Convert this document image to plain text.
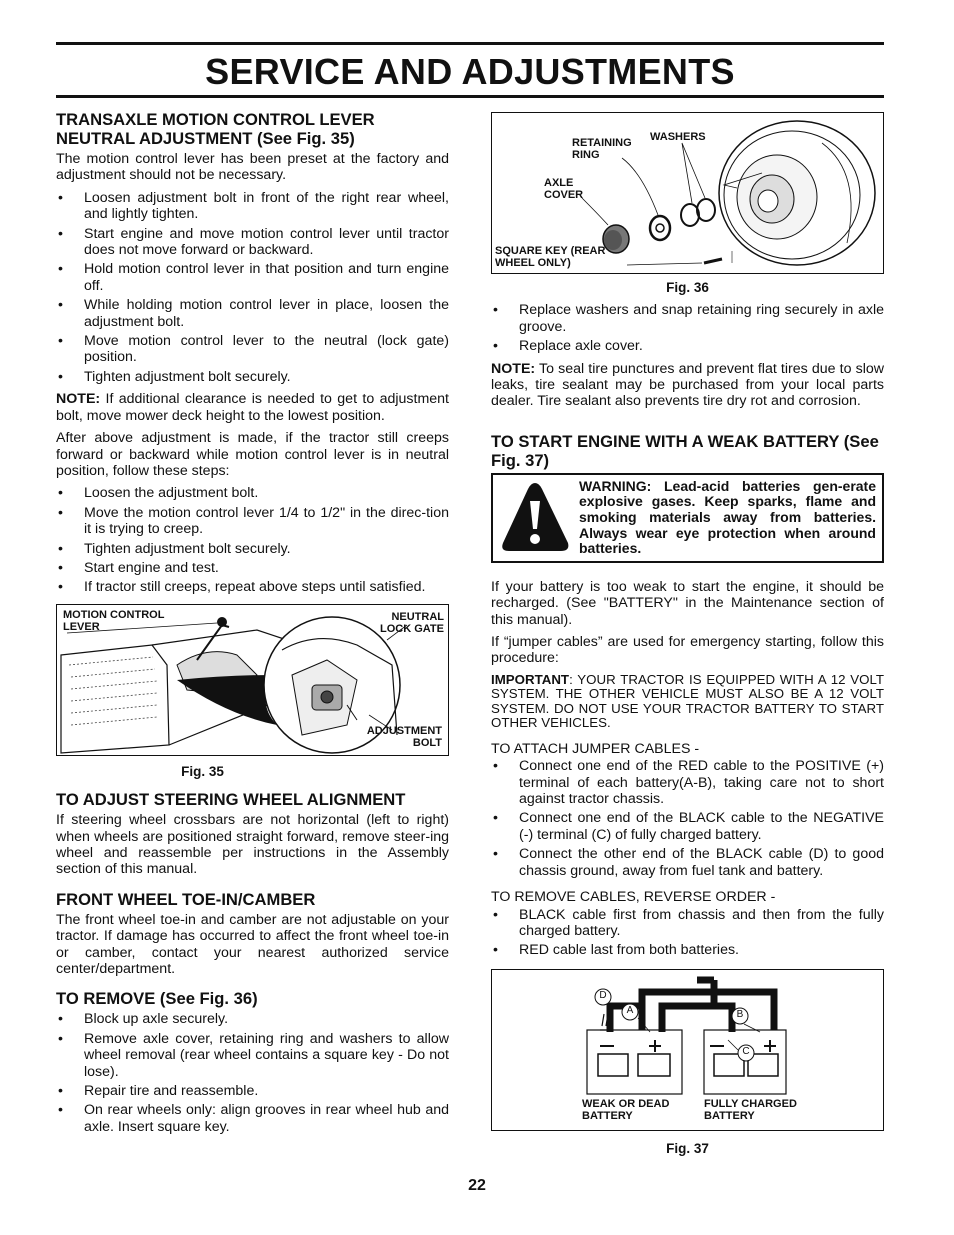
SERVICE AND ADJUSTMENTS
TRANSAXLE MOTION CONTROL LEVER NEUTRAL ADJUSTMENT (See Fig. 35)

The motion control lever has been preset at the factory and adjustment should not be necessary.

• Loosen adjustment bolt in front of the right rear wheel, and lightly tighten.
• Start engine and move motion control lever until tractor does not move forward or backward.
• Hold motion control lever in that position and turn engine off.
• While holding motion control lever in place, loosen the adjustment bolt.
• Move motion control lever to the neutral (lock gate) position.
• Tighten adjustment bolt securely.

NOTE: If additional clearance is needed to get to adjustment bolt, move mower deck height to the lowest position.

After above adjustment is made, if the tractor still creeps forward or backward while motion control lever is in neutral position, follow these steps:

• Loosen the adjustment bolt.
• Move the motion control lever 1/4 to 1/2" in the direc-tion it is trying to creep.
• Tighten adjustment bolt securely.
• Start engine and test.
• If tractor still creeps, repeat above steps until satisfied.
MOTION CONTROL LEVER
NEUTRAL LOCK GATE
ADJUSTMENT BOLT
Fig. 35
TO ADJUST STEERING WHEEL ALIGNMENT

If steering wheel crossbars are not horizontal (left to right) when wheels are positioned straight forward, remove steer-ing wheel and reassemble per instructions in the Assembly section of this manual.

FRONT WHEEL TOE-IN/CAMBER

The front wheel toe-in and camber are not adjustable on your tractor. If damage has occurred to affect the front wheel toe-in or camber, contact your nearest authorized service center/department.

TO REMOVE (See Fig. 36)
• Block up axle securely.
• Remove axle cover, retaining ring and washers to allow wheel removal (rear wheel contains a square key - Do not lose).
• Repair tire and reassemble.
• On rear wheels only: align grooves in rear wheel hub and axle. Insert square key.
RETAINING RING
WASHERS
AXLE COVER
SQUARE KEY (REAR WHEEL ONLY)
Fig. 36
• Replace washers and snap retaining ring securely in axle groove.
• Replace axle cover.

NOTE: To seal tire punctures and prevent flat tires due to slow leaks, tire sealant may be purchased from your local parts dealer. Tire sealant also prevents tire dry rot and corrosion.

TO START ENGINE WITH A WEAK BATTERY (See Fig. 37)
WARNING: Lead-acid batteries gen-erate explosive gases. Keep sparks, flame and smoking materials away from batteries. Always wear eye protection when around batteries.

If your battery is too weak to start the engine, it should be recharged. (See "BATTERY" in the Maintenance section of this manual).

If “jumper cables” are used for emergency starting, follow this procedure:

IMPORTANT: YOUR TRACTOR IS EQUIPPED WITH A 12 VOLT SYSTEM. THE OTHER VEHICLE MUST ALSO BE A 12 VOLT SYSTEM. DO NOT USE YOUR TRACTOR BATTERY TO START OTHER VEHICLES.

TO ATTACH JUMPER CABLES -

• Connect one end of the RED cable to the POSITIVE (+) terminal of each battery(A-B), taking care not to short against tractor chassis.
• Connect one end of the BLACK cable to the NEGATIVE (-) terminal (C) of fully charged battery.
• Connect the other end of the BLACK cable (D) to good chassis ground, away from fuel tank and battery.

TO REMOVE CABLES, REVERSE ORDER -

• BLACK cable first from chassis and then from the fully charged battery.
• RED cable last from both batteries.
D
A	B
C
WEAK OR DEAD BATTERY
FULLY CHARGED BATTERY
Fig. 37
22
